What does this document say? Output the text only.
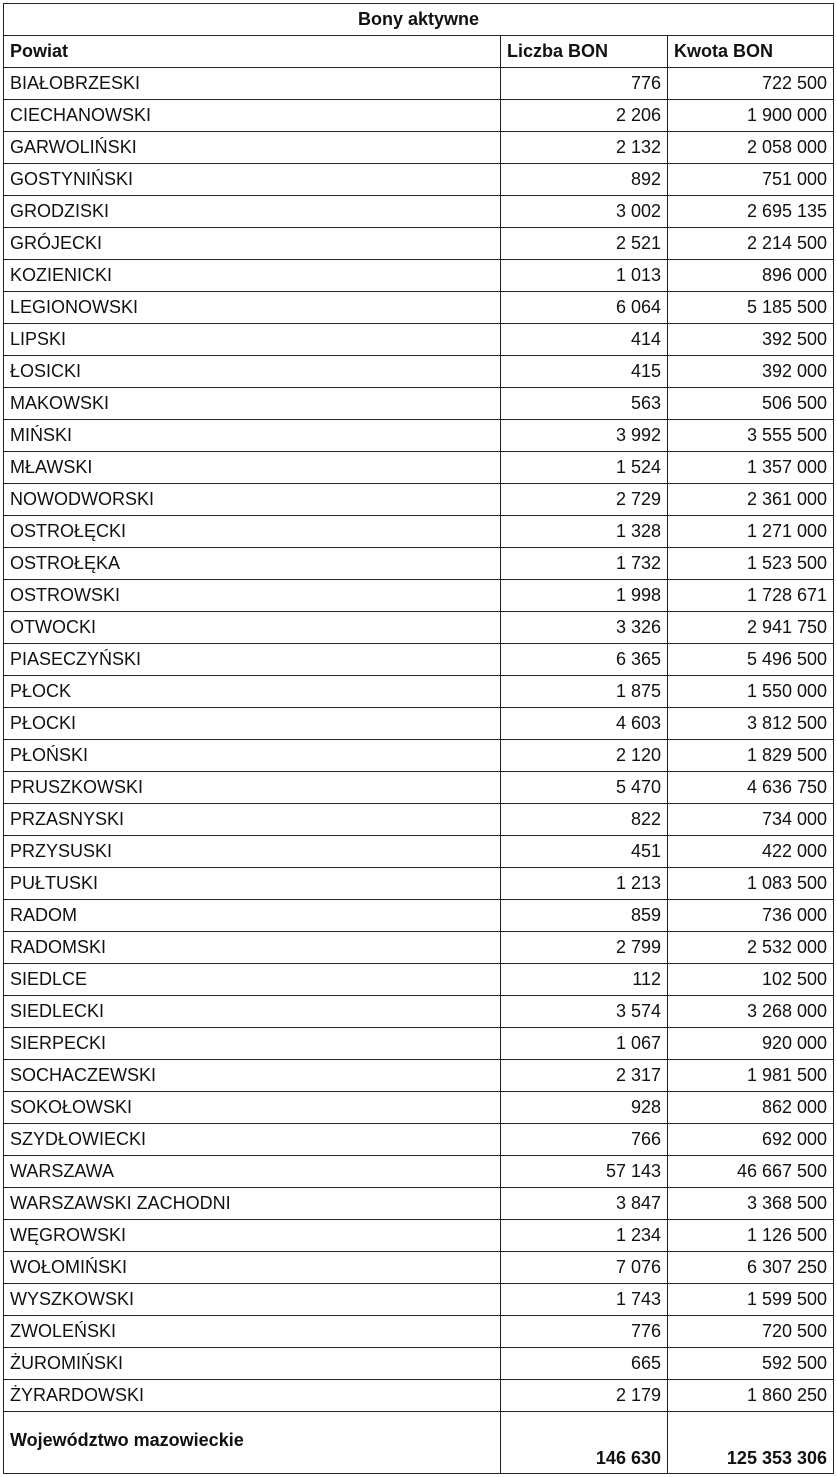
Bony aktywne		
Powiat	Liczba BON	Kwota BON
BIAŁOBRZESKI	776	722 500
CIECHANOWSKI	2 206	1 900 000
GARWOLIŃSKI	2 132	2 058 000
GOSTYNIŃSKI	892	751 000
GRODZISKI	3 002	2 695 135
GRÓJECKI	2 521	2 214 500
KOZIENICKI	1 013	896 000
LEGIONOWSKI	6 064	5 185 500
LIPSKI	414	392 500
ŁOSICKI	415	392 000
MAKOWSKI	563	506 500
MIŃSKI	3 992	3 555 500
MŁAWSKI	1 524	1 357 000
NOWODWORSKI	2 729	2 361 000
OSTROŁĘCKI	1 328	1 271 000
OSTROŁĘKA	1 732	1 523 500
OSTROWSKI	1 998	1 728 671
OTWOCKI	3 326	2 941 750
PIASECZYŃSKI	6 365	5 496 500
PŁOCK	1 875	1 550 000
PŁOCKI	4 603	3 812 500
PŁOŃSKI	2 120	1 829 500
PRUSZKOWSKI	5 470	4 636 750
PRZASNYSKI	822	734 000
PRZYSUSKI	451	422 000
PUŁTUSKI	1 213	1 083 500
RADOM	859	736 000
RADOMSKI	2 799	2 532 000
SIEDLCE	112	102 500
SIEDLECKI	3 574	3 268 000
SIERPECKI	1 067	920 000
SOCHACZEWSKI	2 317	1 981 500
SOKOŁOWSKI	928	862 000
SZYDŁOWIECKI	766	692 000
WARSZAWA	57 143	46 667 500
WARSZAWSKI ZACHODNI	3 847	3 368 500
WĘGROWSKI	1 234	1 126 500
WOŁOMIŃSKI	7 076	6 307 250
WYSZKOWSKI	1 743	1 599 500
ZWOLEŃSKI	776	720 500
ŻUROMIŃSKI	665	592 500
ŻYRARDOWSKI	2 179	1 860 250
Województwo mazowieckie	146 630	125 353 306
